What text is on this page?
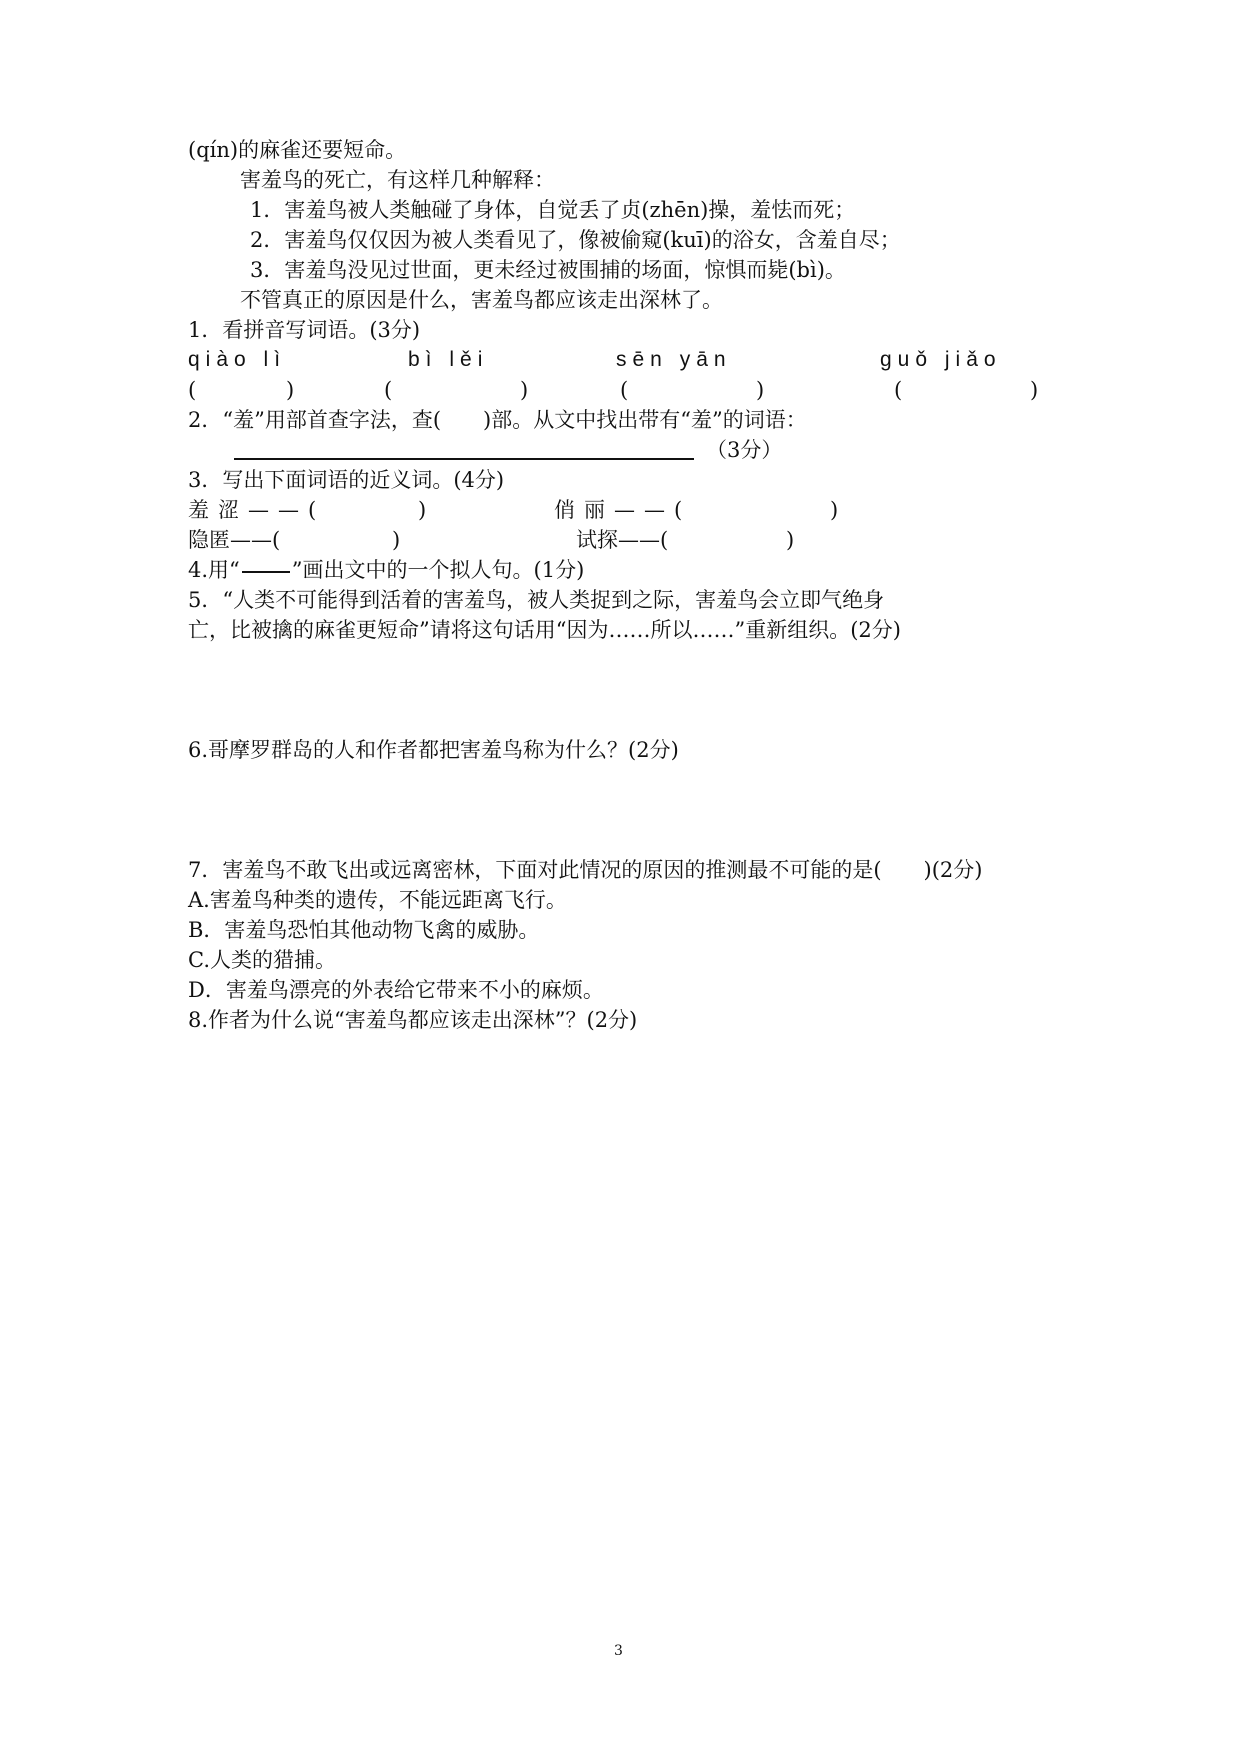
(qín)的麻雀还要短命。
害羞鸟的死亡，有这样几种解释：
1．害羞鸟被人类触碰了身体，自觉丢了贞(zhēn)操，羞怯而死；
2．害羞鸟仅仅因为被人类看见了，像被偷窥(kuī)的浴女，含羞自尽；
3．害羞鸟没见过世面，更未经过被围捕的场面，惊惧而毙(bì)。
不管真正的原因是什么，害羞鸟都应该走出深林了。
1．看拼音写词语。(3分)
qiào lì	bì lěi	sēn yān	guǒ jiǎo
(	)	(	)	(	)	(	)
2．“羞”用部首查字法，查(　　)部。从文中找出带有“羞”的词语：
（3分）
3．写出下面词语的近义词。(4分)
羞涩——(	)	俏丽——(	)
隐匿——(	)	试探——(	)
4.用“ ”画出文中的一个拟人句。(1分)
5．“人类不可能得到活着的害羞鸟，被人类捉到之际，害羞鸟会立即气绝身
亡，比被擒的麻雀更短命”请将这句话用“因为……所以……”重新组织。(2分)
6.哥摩罗群岛的人和作者都把害羞鸟称为什么？(2分)
7．害羞鸟不敢飞出或远离密林，下面对此情况的原因的推测最不可能的是(　　)(2分)
A.害羞鸟种类的遗传，不能远距离飞行。
B．害羞鸟恐怕其他动物飞禽的威胁。
C.人类的猎捕。
D．害羞鸟漂亮的外表给它带来不小的麻烦。
8.作者为什么说“害羞鸟都应该走出深林”？(2分)
3
